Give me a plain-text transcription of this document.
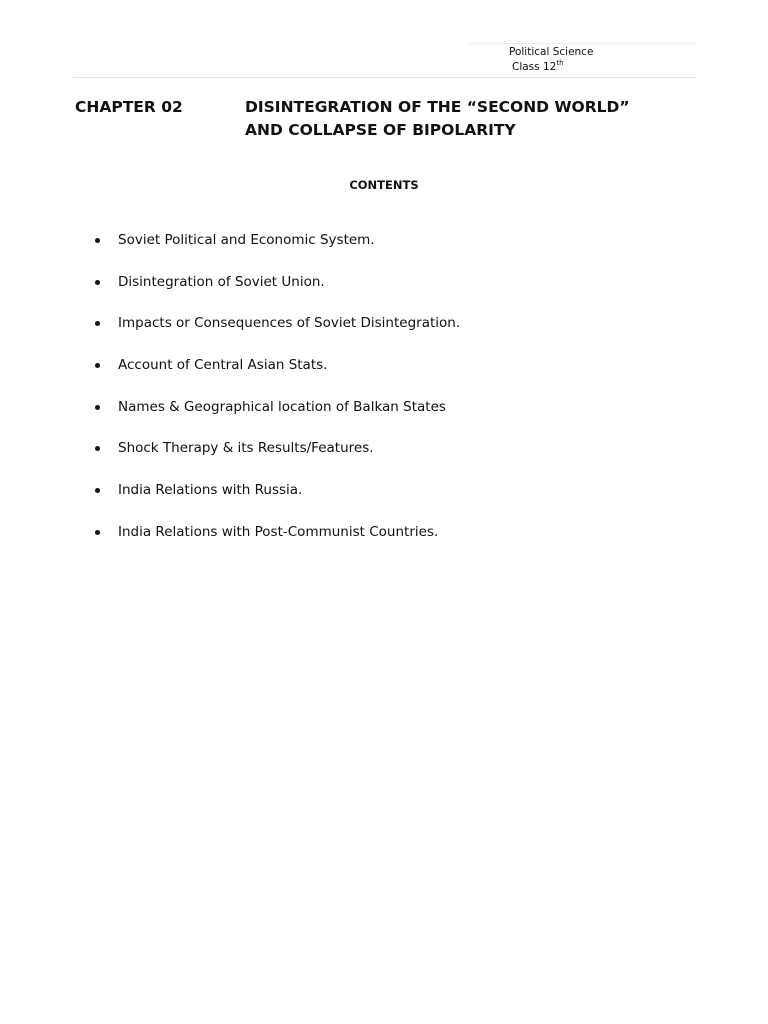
Political Science
Class 12th
CHAPTER 02	DISINTEGRATION OF THE “SECOND WORLD”
AND COLLAPSE OF BIPOLARITY
CONTENTS
Soviet Political and Economic System.
Disintegration of Soviet Union.
Impacts or Consequences of Soviet Disintegration.
Account of Central Asian Stats.
Names & Geographical location of Balkan States
Shock Therapy & its Results/Features.
India Relations with Russia.
India Relations with Post-Communist Countries.
